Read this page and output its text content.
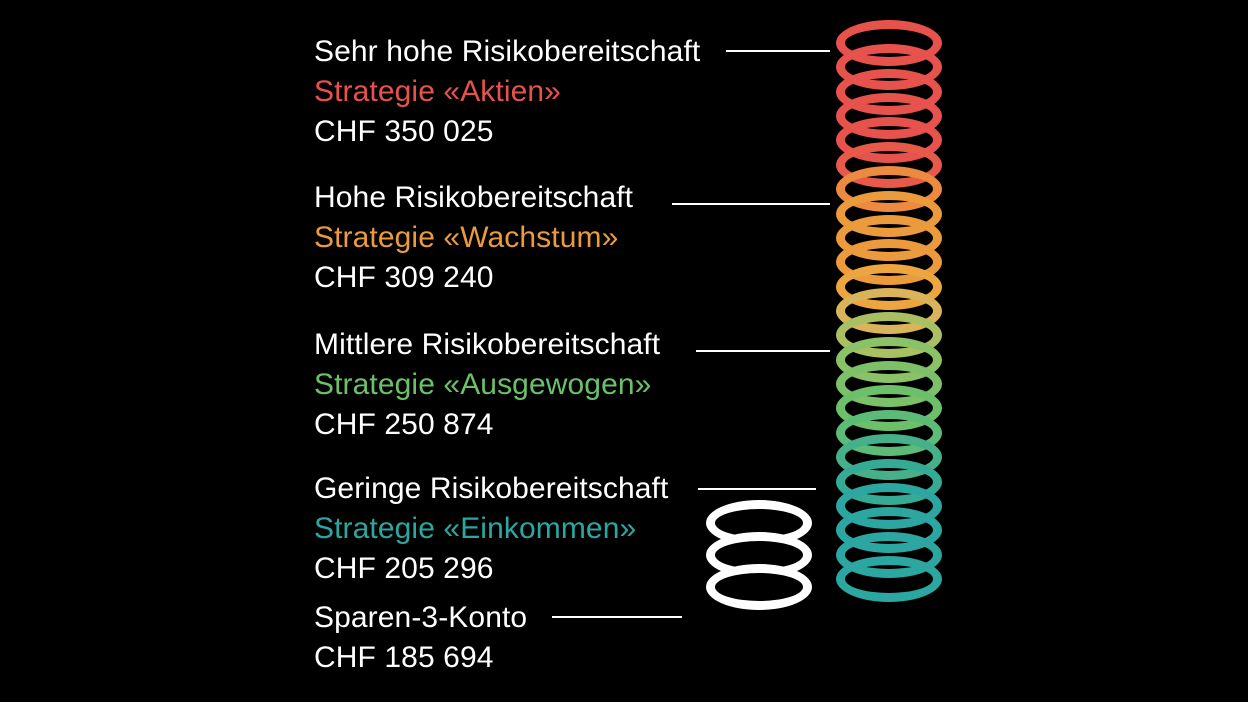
Sehr hohe Risikobereitschaft
Strategie «Aktien»
CHF 350 025
Hohe Risikobereitschaft
Strategie «Wachstum»
CHF 309 240
Mittlere Risikobereitschaft
Strategie «Ausgewogen»
CHF 250 874
Geringe Risikobereitschaft
Strategie «Einkommen»
CHF 205 296
Sparen-3-Konto
CHF 185 694
